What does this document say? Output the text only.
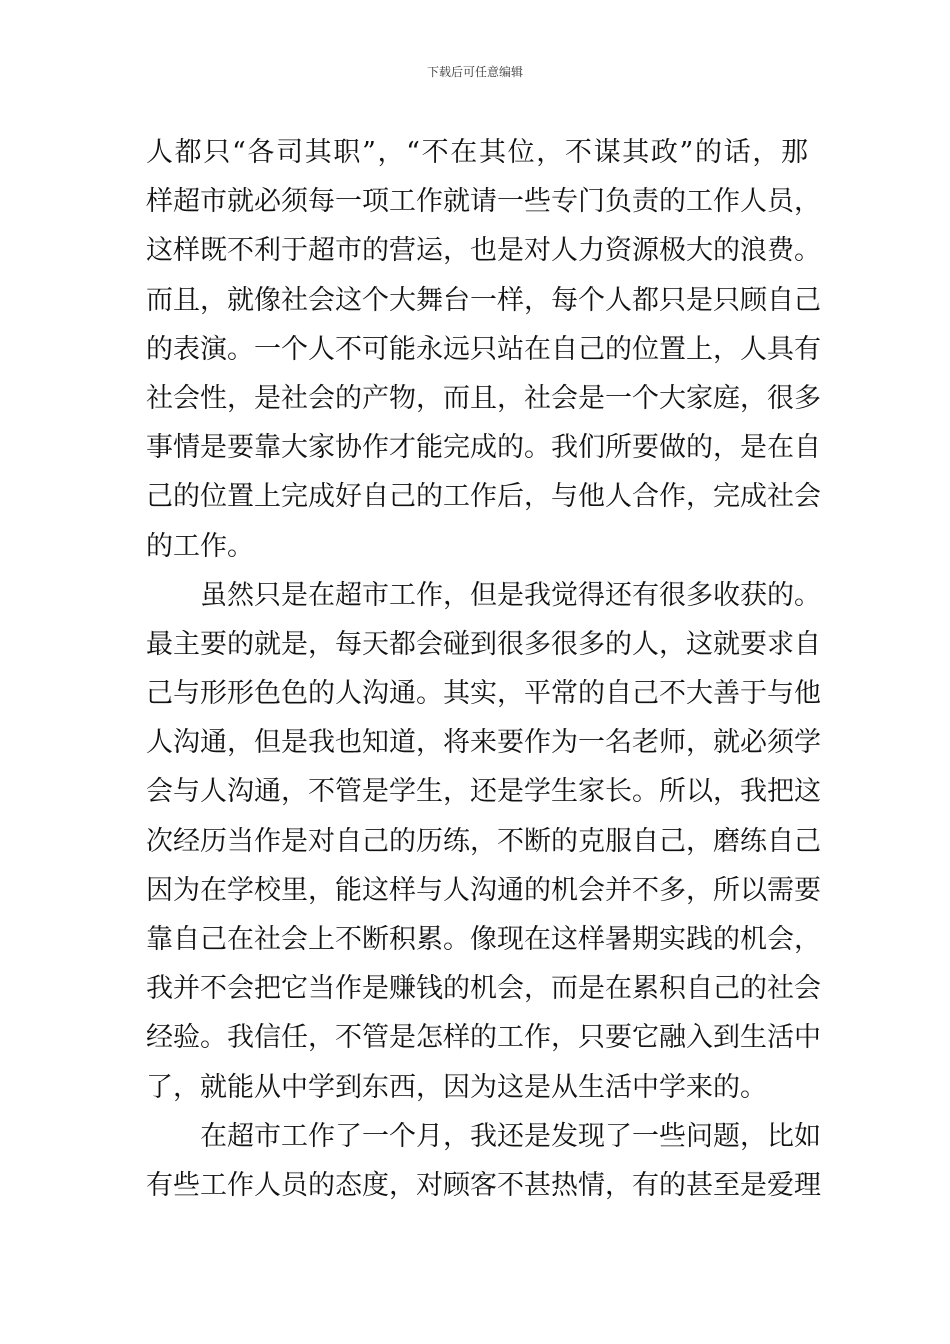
下载后可任意编辑
人都只“各司其职”，“不在其位，不谋其政”的话，那
样超市就必须每一项工作就请一些专门负责的工作人员，
这样既不利于超市的营运，也是对人力资源极大的浪费。
而且，就像社会这个大舞台一样，每个人都只是只顾自己
的表演。一个人不可能永远只站在自己的位置上，人具有
社会性，是社会的产物，而且，社会是一个大家庭，很多
事情是要靠大家协作才能完成的。我们所要做的，是在自
己的位置上完成好自己的工作后，与他人合作，完成社会
的工作。
虽然只是在超市工作，但是我觉得还有很多收获的。
最主要的就是，每天都会碰到很多很多的人，这就要求自
己与形形色色的人沟通。其实，平常的自己不大善于与他
人沟通，但是我也知道，将来要作为一名老师，就必须学
会与人沟通，不管是学生，还是学生家长。所以，我把这
次经历当作是对自己的历练，不断的克服自己，磨练自己
因为在学校里，能这样与人沟通的机会并不多，所以需要
靠自己在社会上不断积累。像现在这样暑期实践的机会，
我并不会把它当作是赚钱的机会，而是在累积自己的社会
经验。我信任，不管是怎样的工作，只要它融入到生活中
了，就能从中学到东西，因为这是从生活中学来的。
在超市工作了一个月，我还是发现了一些问题，比如
有些工作人员的态度，对顾客不甚热情，有的甚至是爱理
